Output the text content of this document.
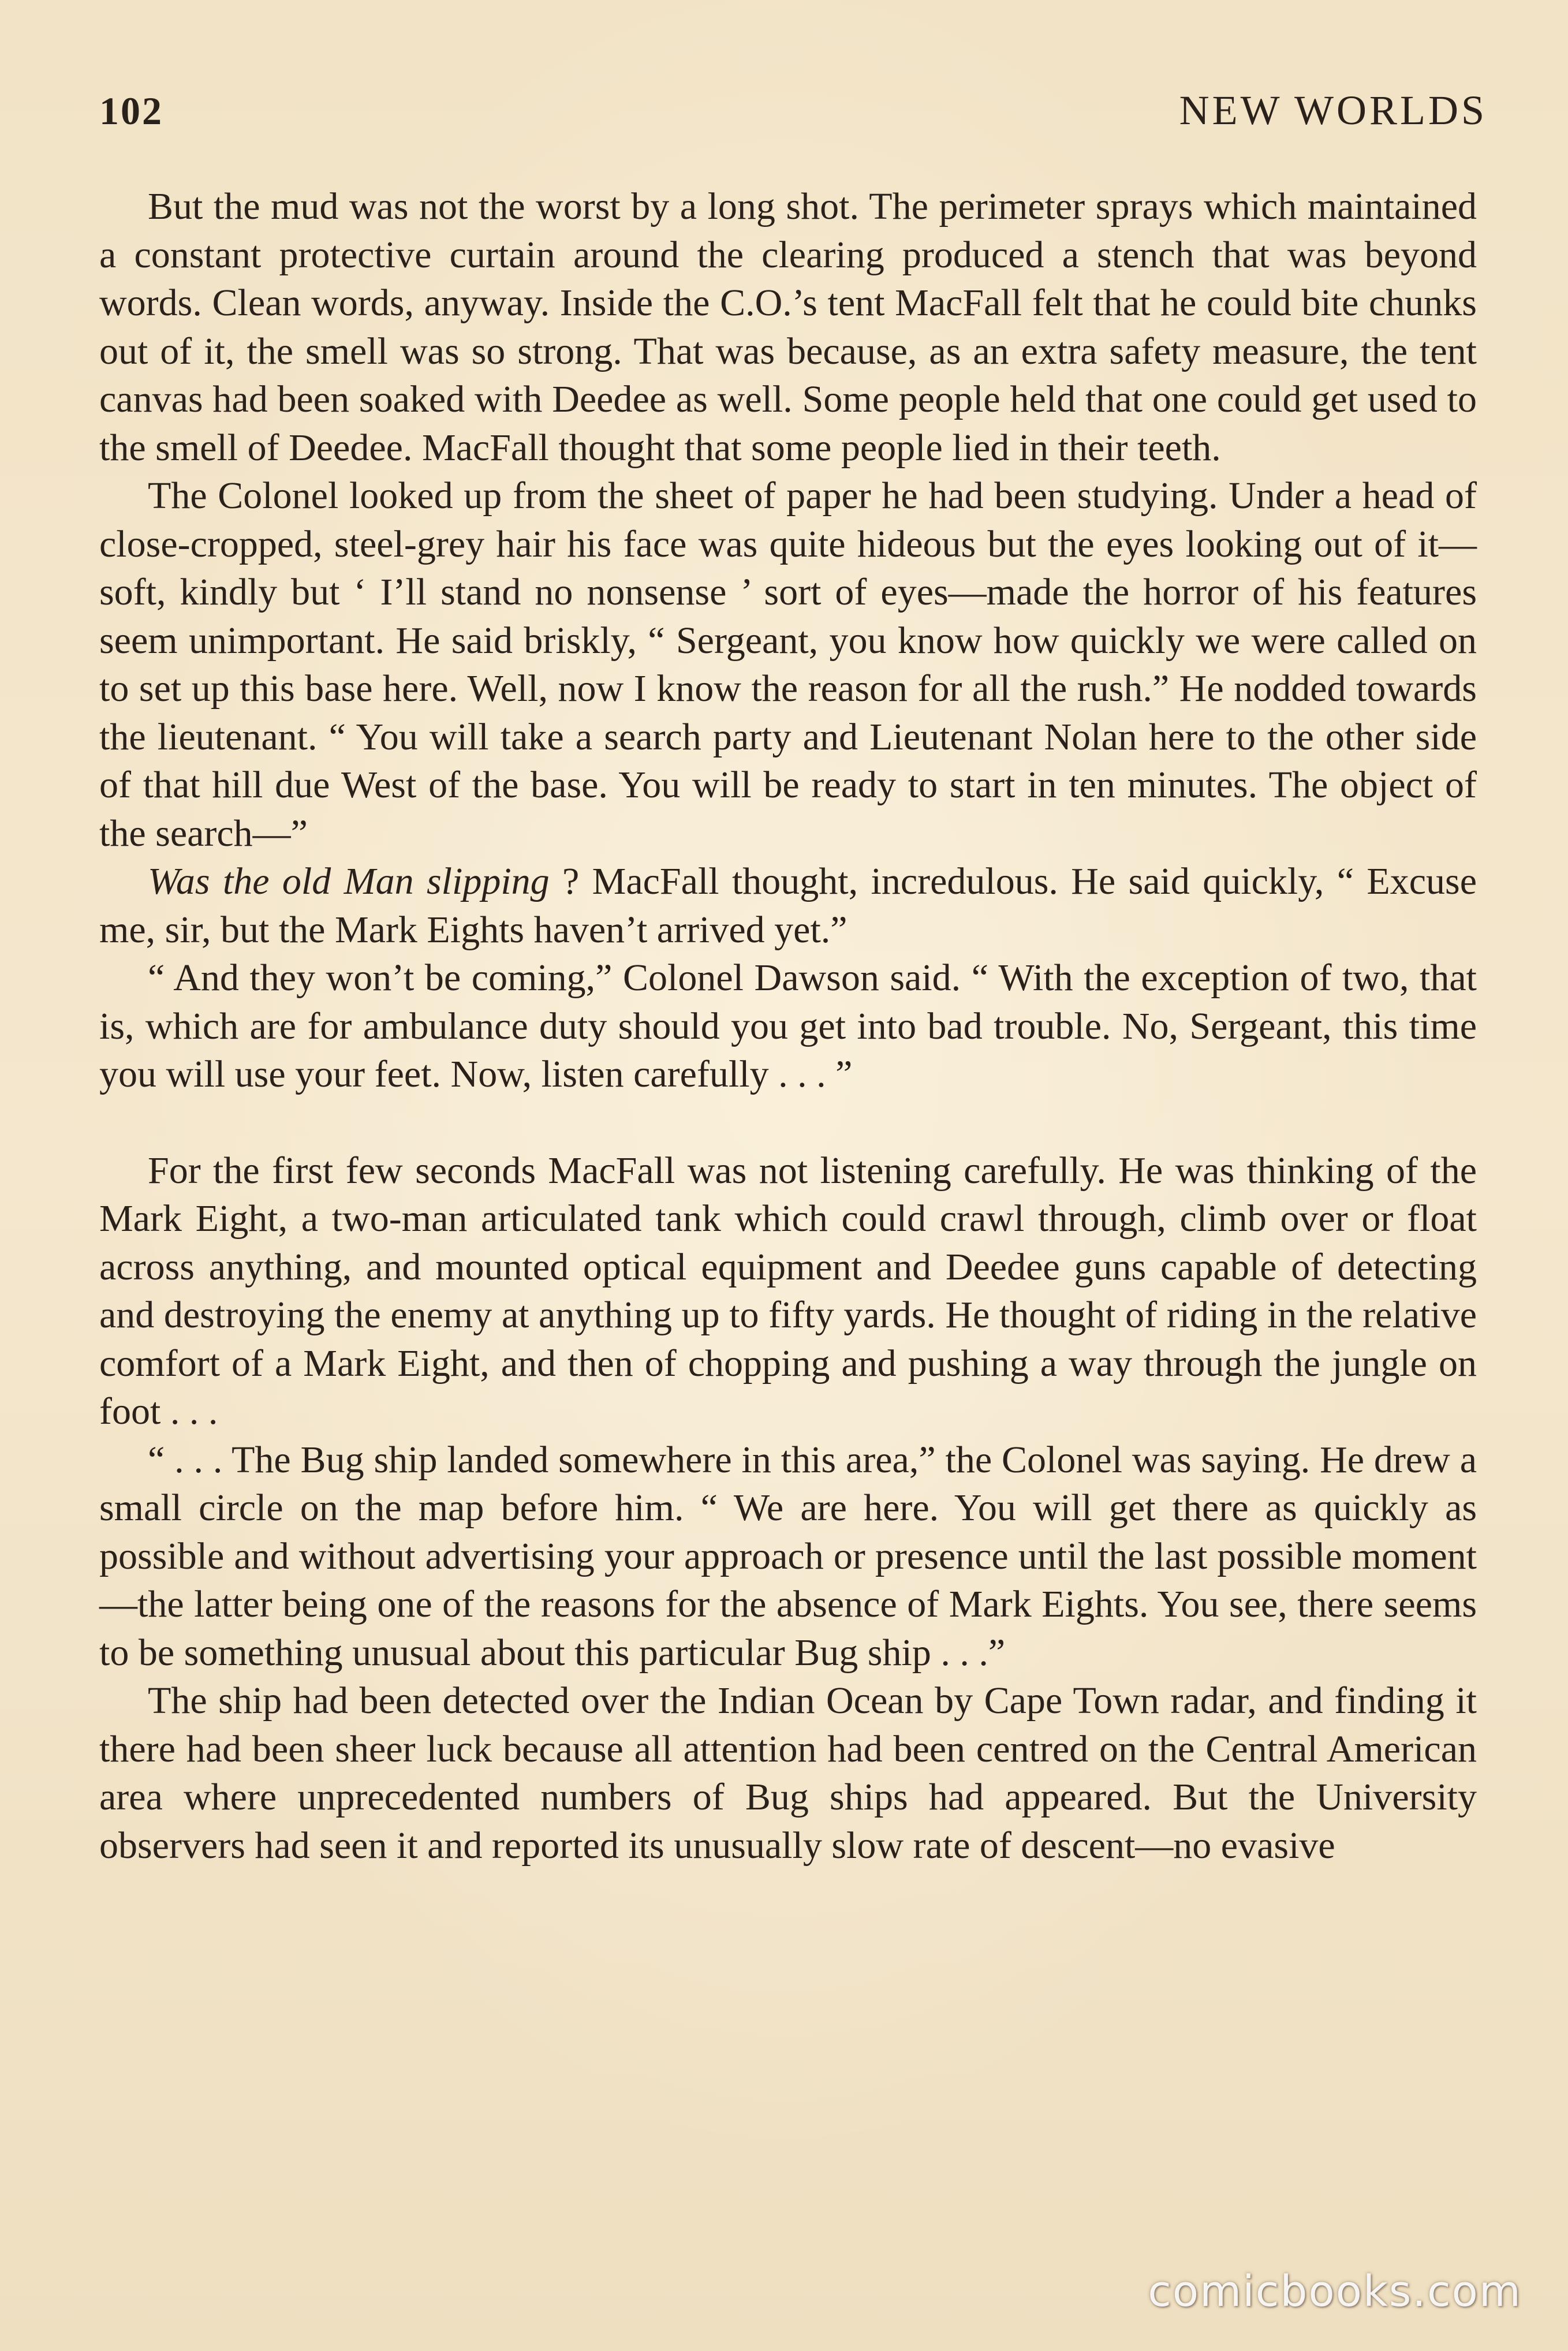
102	NEW WORLDS

But the mud was not the worst by a long shot. The perimeter sprays which maintained a constant protective curtain around the clearing produced a stench that was beyond words. Clean words, anyway. Inside the C.O.’s tent MacFall felt that he could bite chunks out of it, the smell was so strong. That was because, as an extra safety measure, the tent canvas had been soaked with Deedee as well. Some people held that one could get used to the smell of Deedee. MacFall thought that some people lied in their teeth.

The Colonel looked up from the sheet of paper he had been studying. Under a head of close-cropped, steel-grey hair his face was quite hideous but the eyes looking out of it—soft, kindly but ‘ I’ll stand no nonsense ’ sort of eyes—made the horror of his features seem unimportant. He said briskly, “ Sergeant, you know how quickly we were called on to set up this base here. Well, now I know the reason for all the rush.” He nodded towards the lieutenant. “ You will take a search party and Lieutenant Nolan here to the other side of that hill due West of the base. You will be ready to start in ten minutes. The object of the search—”

Was the old Man slipping ? MacFall thought, incredulous. He said quickly, “ Excuse me, sir, but the Mark Eights haven’t arrived yet.”

“ And they won’t be coming,” Colonel Dawson said. “ With the exception of two, that is, which are for ambulance duty should you get into bad trouble. No, Sergeant, this time you will use your feet. Now, listen carefully . . . ”

For the first few seconds MacFall was not listening carefully. He was thinking of the Mark Eight, a two-man articulated tank which could crawl through, climb over or float across anything, and mounted optical equipment and Deedee guns capable of detecting and destroying the enemy at anything up to fifty yards. He thought of riding in the relative comfort of a Mark Eight, and then of chopping and pushing a way through the jungle on foot . . .

“ . . . The Bug ship landed somewhere in this area,” the Colonel was saying. He drew a small circle on the map before him. “ We are here. You will get there as quickly as possible and without advertising your approach or presence until the last possible moment—the latter being one of the reasons for the absence of Mark Eights. You see, there seems to be something unusual about this particular Bug ship . . .”

The ship had been detected over the Indian Ocean by Cape Town radar, and finding it there had been sheer luck because all attention had been centred on the Central American area where unprecedented numbers of Bug ships had appeared. But the University observers had seen it and reported its unusually slow rate of descent—no evasive

comicbooks.com
